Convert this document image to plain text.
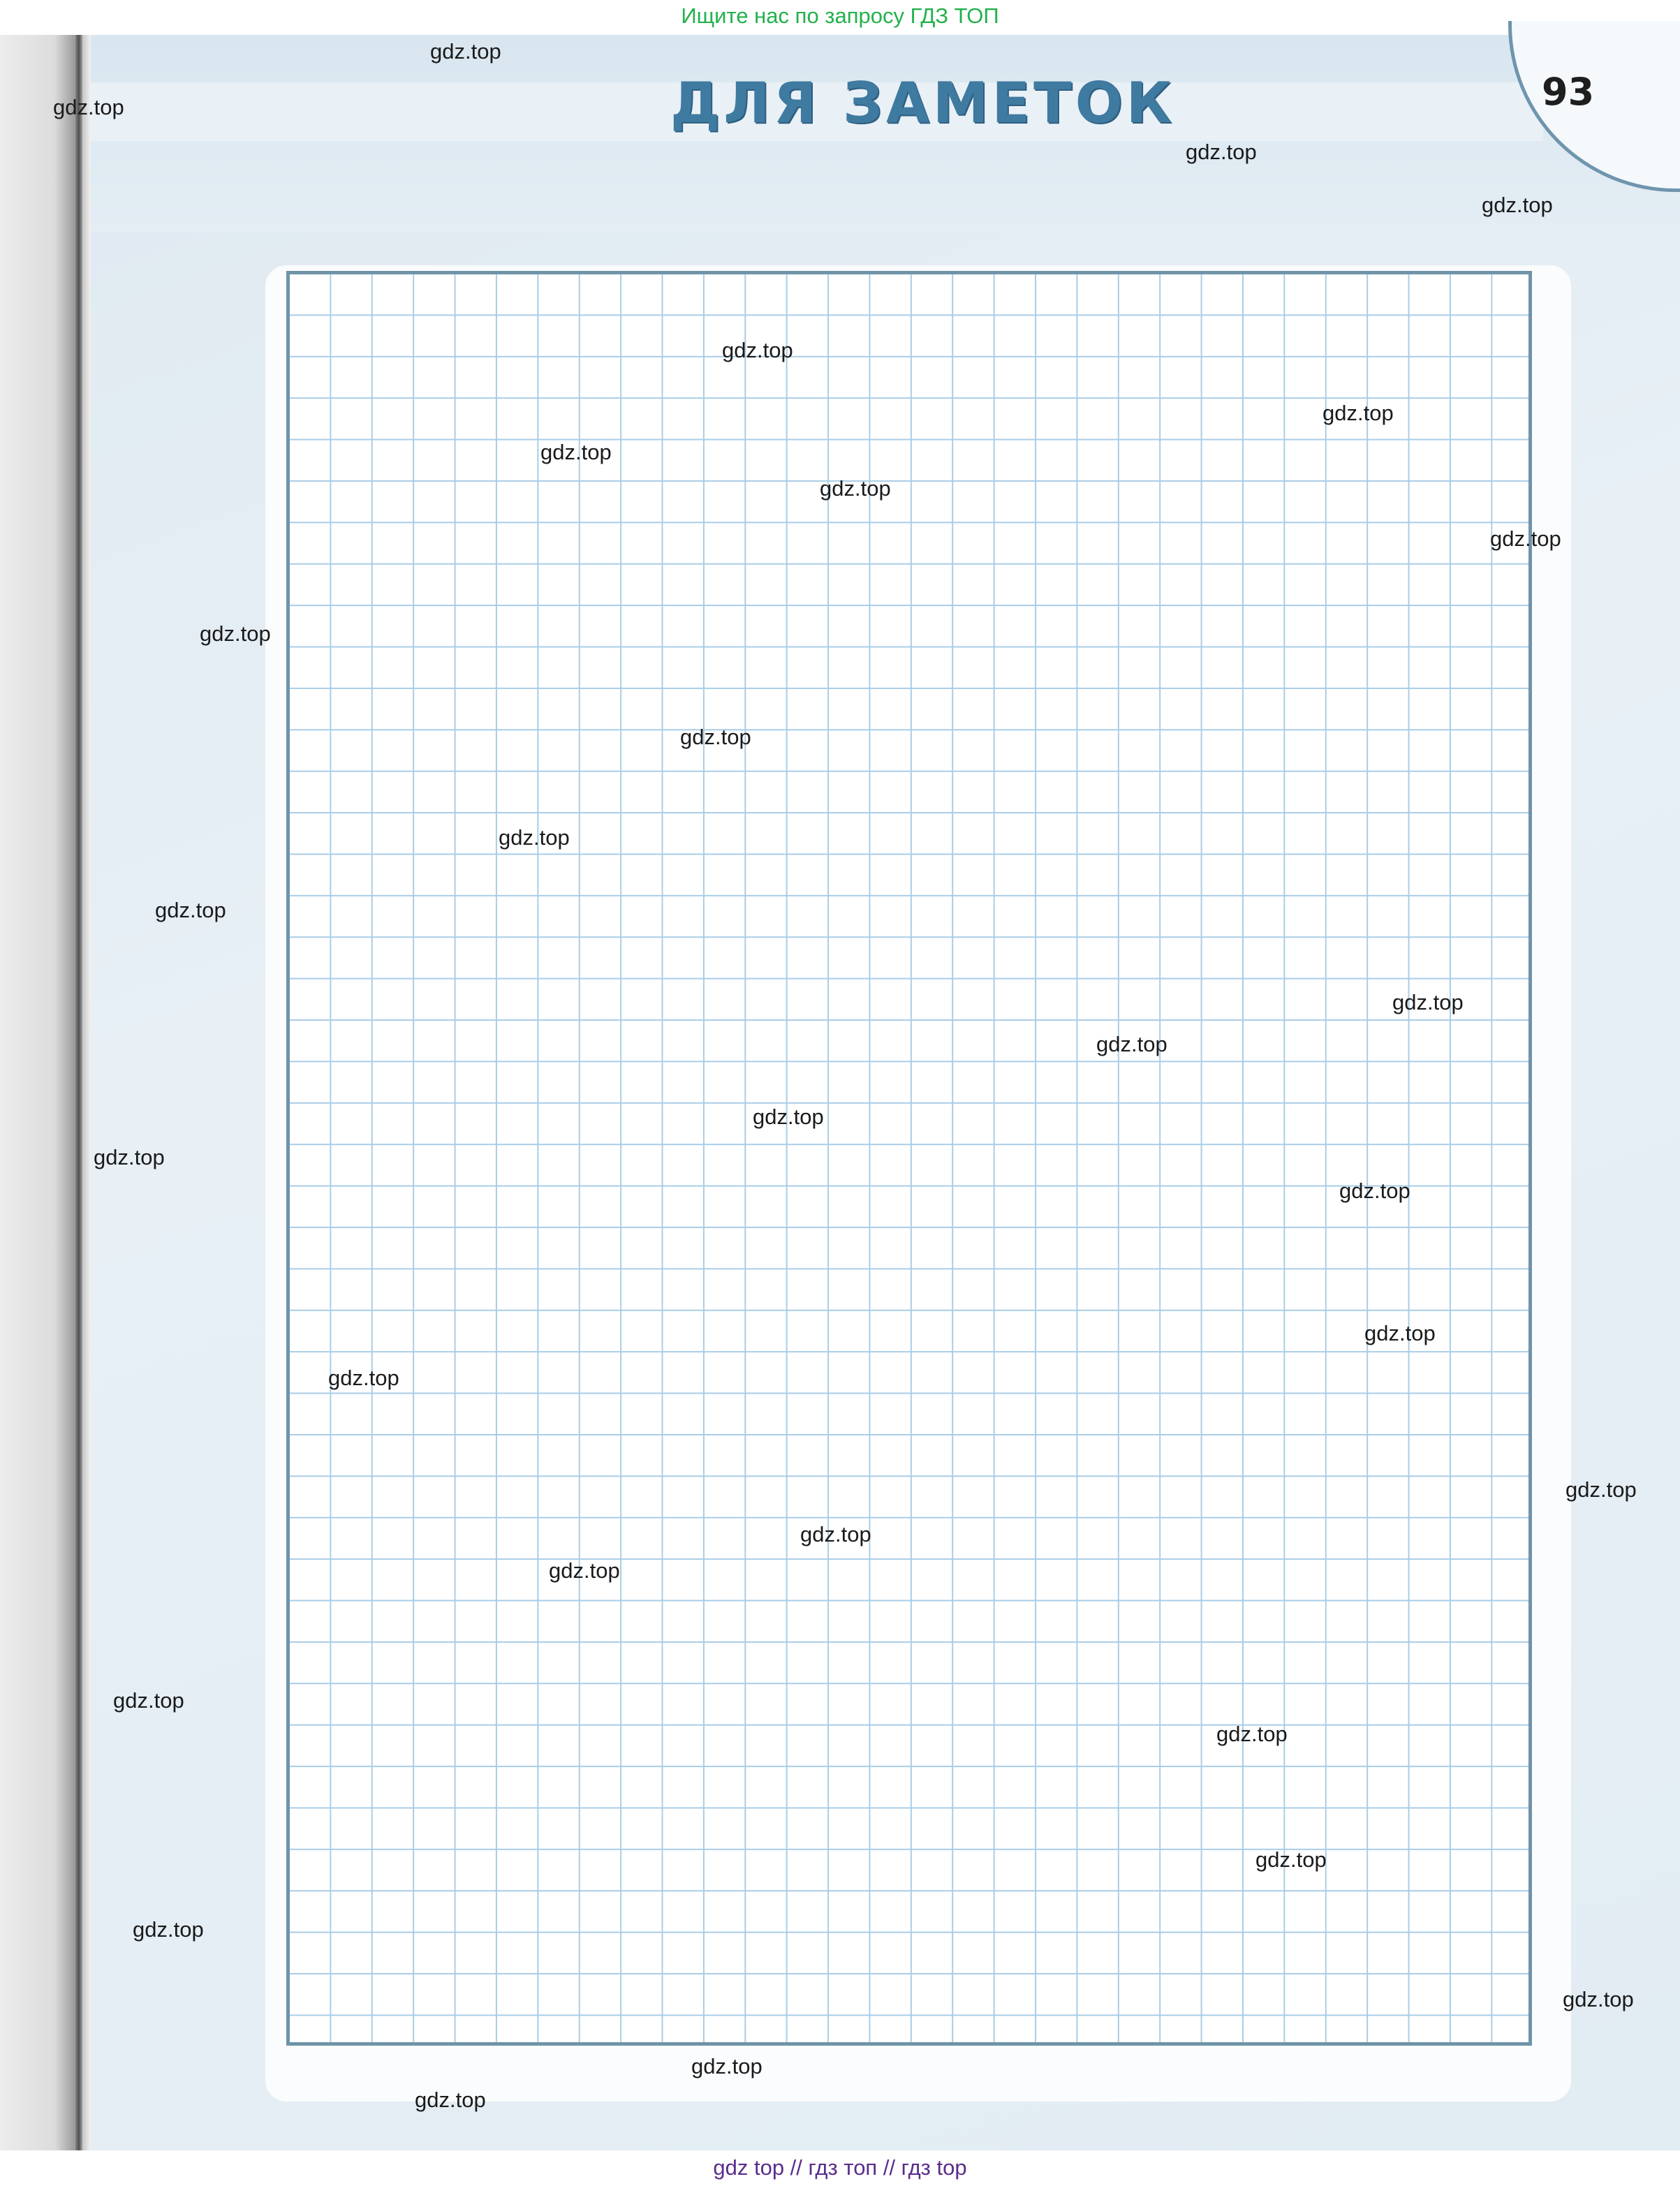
Ищите нас по запросу ГДЗ ТОП
ДЛЯ ЗАМЕТОК	93
gdz.top
gdz.top
gdz.top
gdz.top
gdz.top
gdz.top
gdz.top
gdz.top
gdz.top
gdz.top
gdz.top
gdz.top
gdz.top
gdz.top
gdz.top
gdz.top
gdz.top
gdz.top
gdz.top
gdz.top
gdz.top
gdz.top
gdz.top
gdz.top
gdz.top
gdz.top
gdz.top
gdz.top
gdz.top
gdz.top
gdz top // гдз топ // гдз top
